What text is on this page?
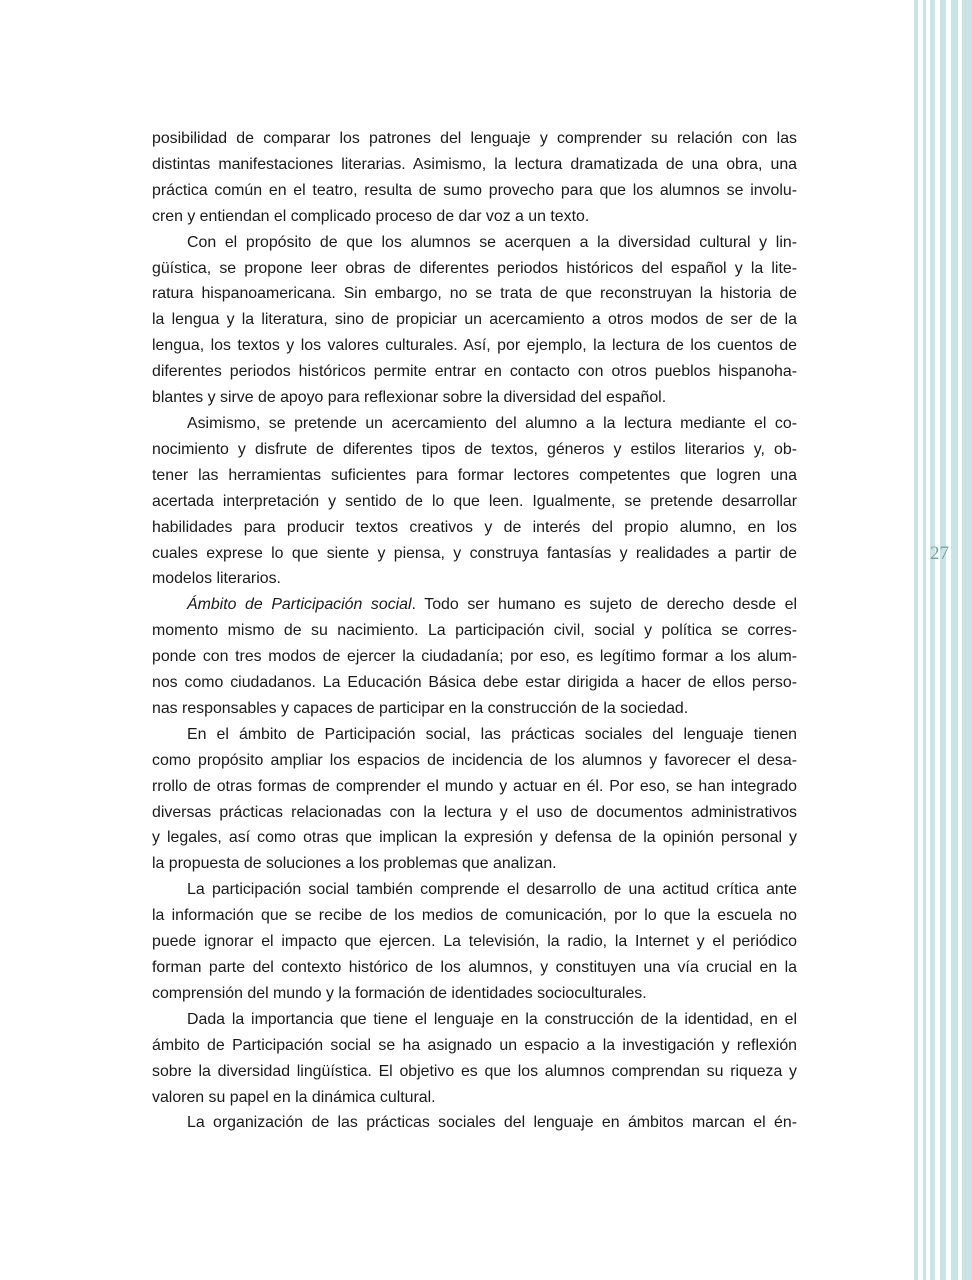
27

posibilidad de comparar los patrones del lenguaje y comprender su relación con las

distintas manifestaciones literarias. Asimismo, la lectura dramatizada de una obra, una

práctica común en el teatro, resulta de sumo provecho para que los alumnos se involu-

cren y entiendan el complicado proceso de dar voz a un texto.

Con el propósito de que los alumnos se acerquen a la diversidad cultural y lin-

güística, se propone leer obras de diferentes periodos históricos del español y la lite-

ratura hispanoamericana. Sin embargo, no se trata de que reconstruyan la historia de

la lengua y la literatura, sino de propiciar un acercamiento a otros modos de ser de la

lengua, los textos y los valores culturales. Así, por ejemplo, la lectura de los cuentos de

diferentes periodos históricos permite entrar en contacto con otros pueblos hispanoha-

blantes y sirve de apoyo para reflexionar sobre la diversidad del español.

Asimismo, se pretende un acercamiento del alumno a la lectura mediante el co-

nocimiento y disfrute de diferentes tipos de textos, géneros y estilos literarios y, ob-

tener las herramientas suficientes para formar lectores competentes que logren una

acertada interpretación y sentido de lo que leen. Igualmente, se pretende desarrollar

habilidades para producir textos creativos y de interés del propio alumno, en los

cuales exprese lo que siente y piensa, y construya fantasías y realidades a partir de

modelos literarios.

Ámbito de Participación social. Todo ser humano es sujeto de derecho desde el

momento mismo de su nacimiento. La participación civil, social y política se corres-

ponde con tres modos de ejercer la ciudadanía; por eso, es legítimo formar a los alum-

nos como ciudadanos. La Educación Básica debe estar dirigida a hacer de ellos perso-

nas responsables y capaces de participar en la construcción de la sociedad.

En el ámbito de Participación social, las prácticas sociales del lenguaje tienen

como propósito ampliar los espacios de incidencia de los alumnos y favorecer el desa-

rrollo de otras formas de comprender el mundo y actuar en él. Por eso, se han integrado

diversas prácticas relacionadas con la lectura y el uso de documentos administrativos

y legales, así como otras que implican la expresión y defensa de la opinión personal y

la propuesta de soluciones a los problemas que analizan.

La participación social también comprende el desarrollo de una actitud crítica ante

la información que se recibe de los medios de comunicación, por lo que la escuela no

puede ignorar el impacto que ejercen. La televisión, la radio, la Internet y el periódico

forman parte del contexto histórico de los alumnos, y constituyen una vía crucial en la

comprensión del mundo y la formación de identidades socioculturales.

Dada la importancia que tiene el lenguaje en la construcción de la identidad, en el

ámbito de Participación social se ha asignado un espacio a la investigación y reflexión

sobre la diversidad lingüística. El objetivo es que los alumnos comprendan su riqueza y

valoren su papel en la dinámica cultural.

La organización de las prácticas sociales del lenguaje en ámbitos marcan el én-
